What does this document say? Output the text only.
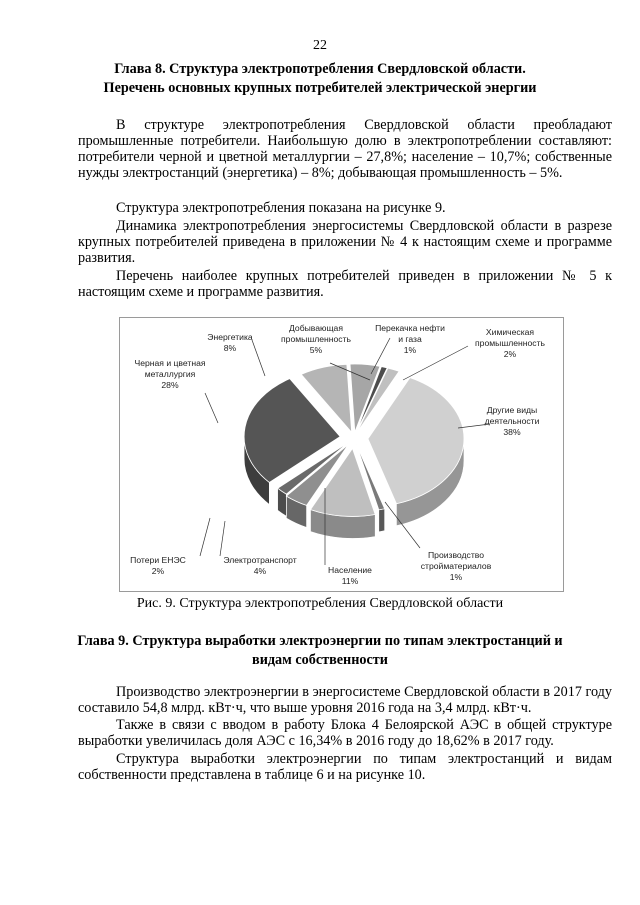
22
Глава 8. Структура электропотребления Свердловской области.
Перечень основных крупных потребителей электрической энергии

В структуре электропотребления Свердловской области преобладают промышленные потребители. Наибольшую долю в электропотреблении составляют: потребители черной и цветной металлургии – 27,8%; население – 10,7%; собственные нужды электростанций (энергетика) – 8%; добывающая промышленность – 5%.

Структура электропотребления показана на рисунке 9.

Динамика электропотребления энергосистемы Свердловской области в разрезе крупных потребителей приведена в приложении № 4 к настоящим схеме и программе развития.

Перечень наиболее крупных потребителей приведен в приложении № 5 к настоящим схеме и программе развития.

Добывающая
промышленность
5%
Перекачка нефти
и газа
1%
Химическая
промышленность
2%
Другие виды
деятельности
38%
Производство
стройматериалов
1%
Население
11%
Электротранспорт
4%
Потери ЕНЭС
2%
Черная и цветная
металлургия
28%
Энергетика
8%
Рис. 9. Структура электропотребления Свердловской области
Глава 9. Структура выработки электроэнергии по типам электростанций и
видам собственности

Производство электроэнергии в энергосистеме Свердловской области в 2017 году составило 54,8 млрд. кВт·ч, что выше уровня 2016 года на 3,4 млрд. кВт·ч.

Также в связи с вводом в работу Блока 4 Белоярской АЭС в общей структуре выработки увеличилась доля АЭС с 16,34% в 2016 году до 18,62% в 2017 году.

Структура выработки электроэнергии по типам электростанций и видам собственности представлена в таблице 6 и на рисунке 10.
